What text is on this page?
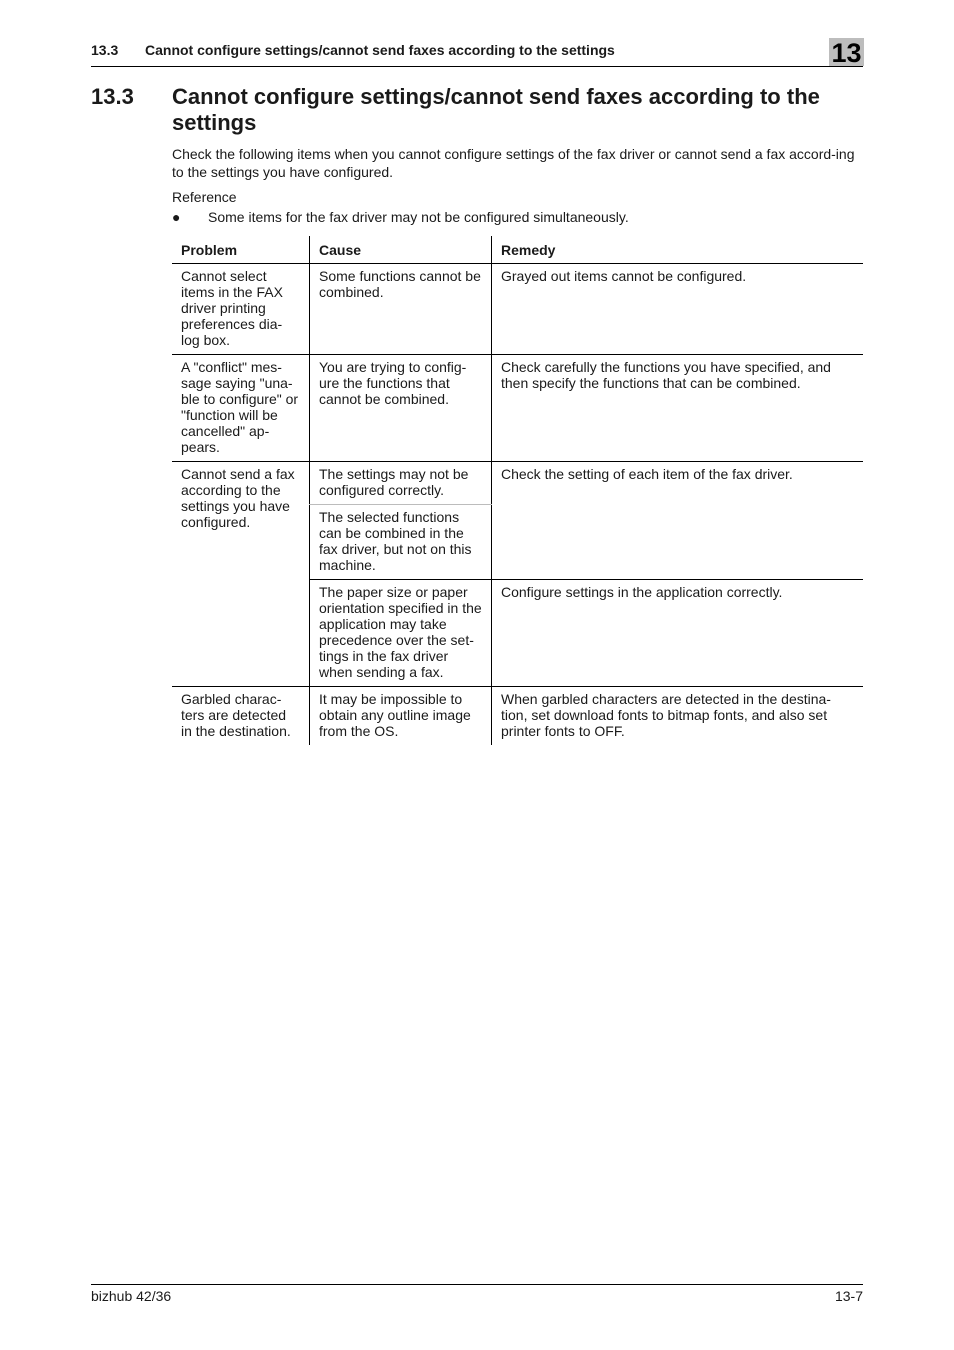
13.3 Cannot configure settings/cannot send faxes according to the settings	13
13.3 Cannot configure settings/cannot send faxes according to the settings

Check the following items when you cannot configure settings of the fax driver or cannot send a fax accord-ing to the settings you have configured.

Reference
● Some items for the fax driver may not be configured simultaneously.
Problem	Cause	Remedy
Cannot select items in the FAX driver printing preferences dia-log box.	Some functions cannot be combined.	Grayed out items cannot be configured.
A "conflict" mes-sage saying "una-ble to configure" or "function will be cancelled" ap-pears.	You are trying to config-ure the functions that cannot be combined.	Check carefully the functions you have specified, and then specify the functions that can be combined.
Cannot send a fax according to the settings you have configured.	The settings may not be configured correctly.	Check the setting of each item of the fax driver.
	The selected functions can be combined in the fax driver, but not on this machine.	
	The paper size or paper orientation specified in the application may take precedence over the set-tings in the fax driver when sending a fax.	Configure settings in the application correctly.
Garbled charac-ters are detected in the destination.	It may be impossible to obtain any outline image from the OS.	When garbled characters are detected in the destina-tion, set download fonts to bitmap fonts, and also set printer fonts to OFF.
bizhub 42/36	13-7
